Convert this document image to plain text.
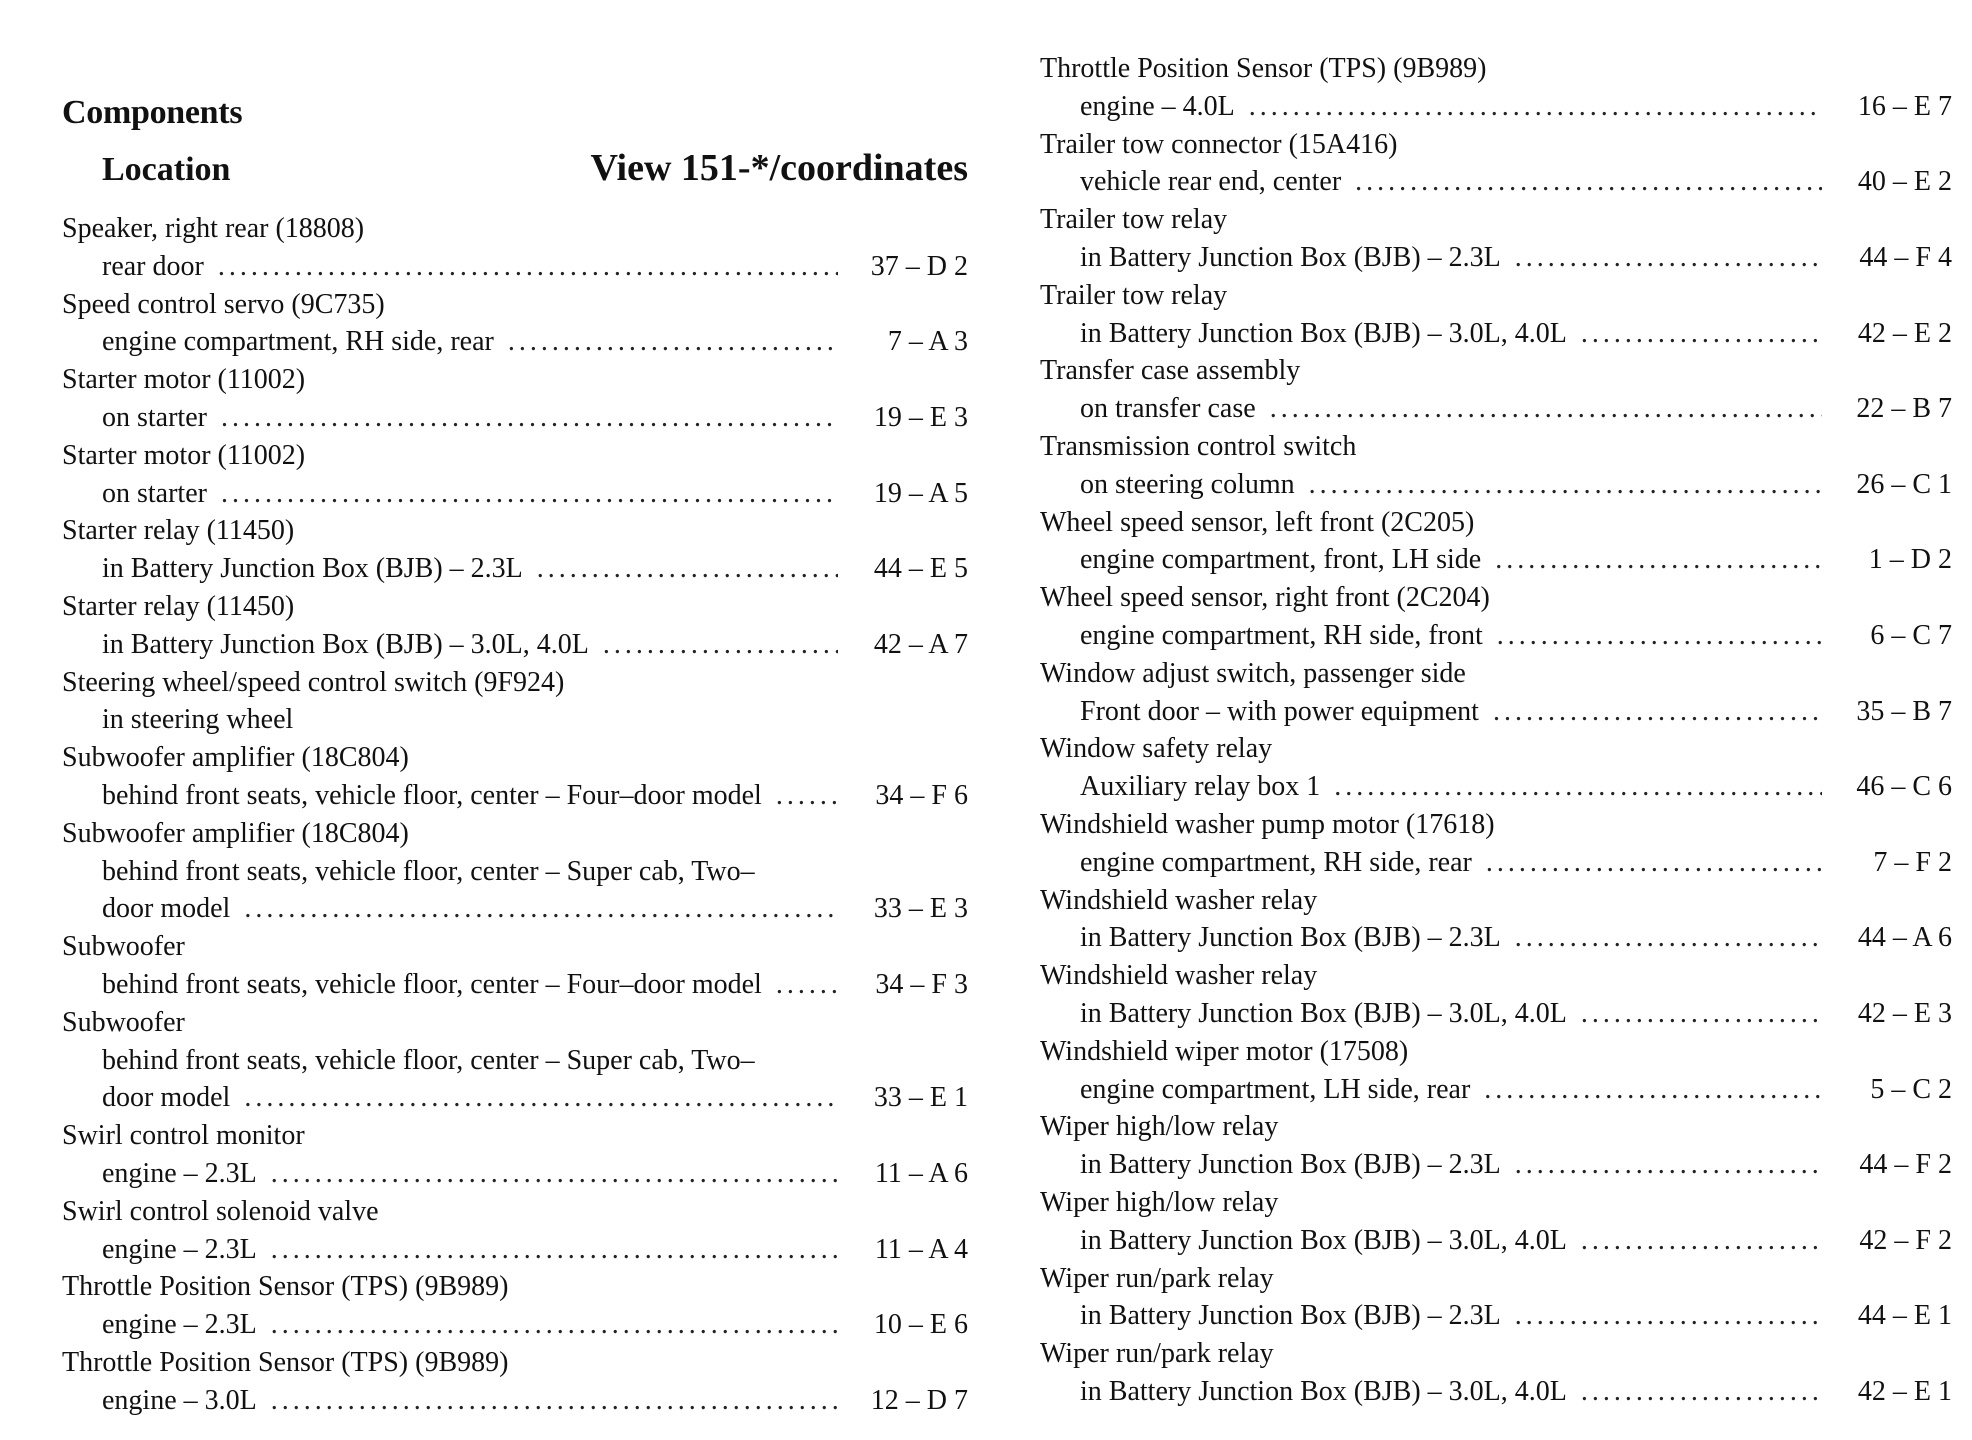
Components
Location	View 151-*/coordinates
Speaker, right rear (18808)
rear door .....	37 – D 2
Speed control servo (9C735)
engine compartment, RH side, rear .....	7 – A 3
Starter motor (11002)
on starter .....	19 – E 3
Starter motor (11002)
on starter .....	19 – A 5
Starter relay (11450)
in Battery Junction Box (BJB) – 2.3L .....	44 – E 5
Starter relay (11450)
in Battery Junction Box (BJB) – 3.0L, 4.0L .....	42 – A 7
Steering wheel/speed control switch (9F924)
in steering wheel
Subwoofer amplifier (18C804)
behind front seats, vehicle floor, center – Four–door model .....	34 – F 6
Subwoofer amplifier (18C804)
behind front seats, vehicle floor, center – Super cab, Two–
door model .....	33 – E 3
Subwoofer
behind front seats, vehicle floor, center – Four–door model .....	34 – F 3
Subwoofer
behind front seats, vehicle floor, center – Super cab, Two–
door model .....	33 – E 1
Swirl control monitor
engine – 2.3L .....	11 – A 6
Swirl control solenoid valve
engine – 2.3L .....	11 – A 4
Throttle Position Sensor (TPS) (9B989)
engine – 2.3L .....	10 – E 6
Throttle Position Sensor (TPS) (9B989)
engine – 3.0L .....	12 – D 7
Throttle Position Sensor (TPS) (9B989)
engine – 4.0L .....	16 – E 7
Trailer tow connector (15A416)
vehicle rear end, center .....	40 – E 2
Trailer tow relay
in Battery Junction Box (BJB) – 2.3L .....	44 – F 4
Trailer tow relay
in Battery Junction Box (BJB) – 3.0L, 4.0L .....	42 – E 2
Transfer case assembly
on transfer case .....	22 – B 7
Transmission control switch
on steering column .....	26 – C 1
Wheel speed sensor, left front (2C205)
engine compartment, front, LH side .....	1 – D 2
Wheel speed sensor, right front (2C204)
engine compartment, RH side, front .....	6 – C 7
Window adjust switch, passenger side
Front door – with power equipment .....	35 – B 7
Window safety relay
Auxiliary relay box 1 .....	46 – C 6
Windshield washer pump motor (17618)
engine compartment, RH side, rear .....	7 – F 2
Windshield washer relay
in Battery Junction Box (BJB) – 2.3L .....	44 – A 6
Windshield washer relay
in Battery Junction Box (BJB) – 3.0L, 4.0L .....	42 – E 3
Windshield wiper motor (17508)
engine compartment, LH side, rear .....	5 – C 2
Wiper high/low relay
in Battery Junction Box (BJB) – 2.3L .....	44 – F 2
Wiper high/low relay
in Battery Junction Box (BJB) – 3.0L, 4.0L .....	42 – F 2
Wiper run/park relay
in Battery Junction Box (BJB) – 2.3L .....	44 – E 1
Wiper run/park relay
in Battery Junction Box (BJB) – 3.0L, 4.0L .....	42 – E 1
